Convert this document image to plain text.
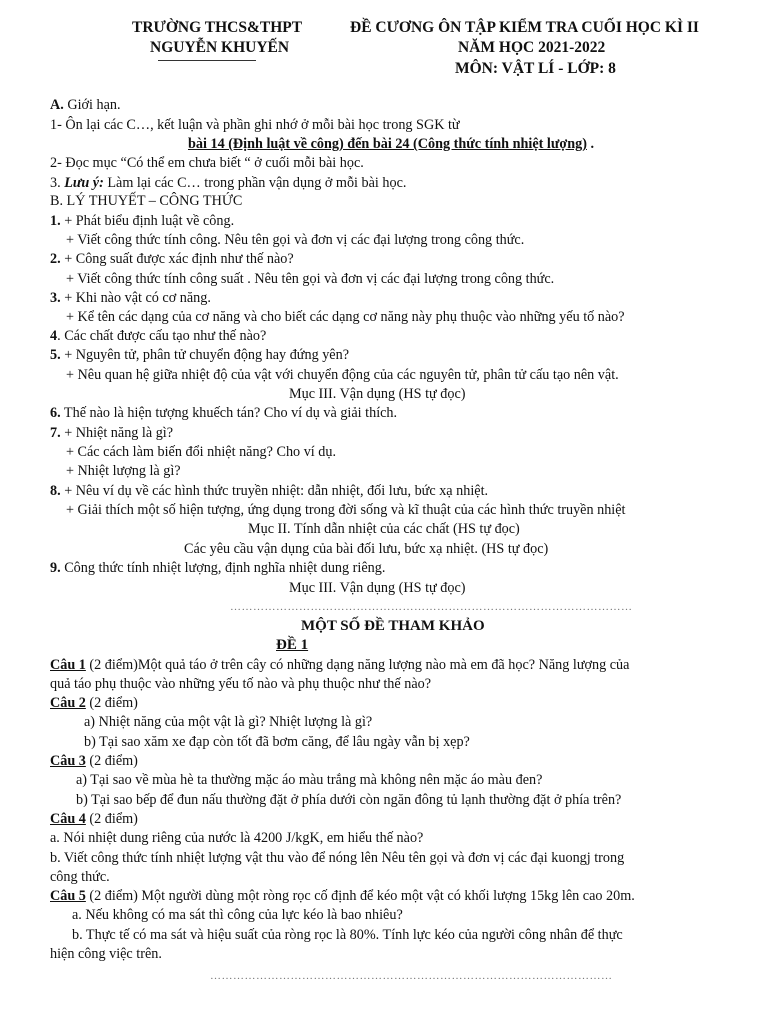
TRƯỜNG THCS&THPT
NGUYỄN KHUYẾN
ĐỀ CƯƠNG ÔN TẬP KIỂM TRA CUỐI HỌC KÌ II
NĂM HỌC 2021-2022
MÔN: VẬT LÍ - LỚP: 8
A. Giới hạn.
1- Ôn lại các C…, kết luận và phần ghi nhớ ở mỗi bài học trong SGK từ
bài 14 (Định luật về công) đến bài 24 (Công thức tính nhiệt lượng) .
2- Đọc mục “Có thể em chưa biết “ ở cuối mỗi bài học.
3. Lưu ý: Làm lại các C… trong phần vận dụng ở mỗi bài học.
B. LÝ THUYẾT – CÔNG THỨC
1. + Phát biểu định luật về công.
+ Viết công thức tính công. Nêu tên gọi và đơn vị các đại lượng trong công thức.
2. + Công suất được xác định như thế nào?
+ Viết công thức tính công suất . Nêu tên gọi và đơn vị các đại lượng trong công thức.
3. + Khi nào vật có cơ năng.
+ Kể tên các dạng của cơ năng và cho biết các dạng cơ năng này phụ thuộc vào những yếu tố nào?
4. Các chất được cấu tạo như thế nào?
5. + Nguyên tử, phân tử chuyển động hay đứng yên?
+ Nêu quan hệ giữa nhiệt độ của vật với chuyển động của các nguyên tử, phân tử cấu tạo nên vật.
Mục III. Vận dụng (HS tự đọc)
6. Thế nào là hiện tượng khuếch tán? Cho ví dụ và giải thích.
7. + Nhiệt năng là gì?
+ Các cách làm biến đổi nhiệt năng? Cho ví dụ.
+ Nhiệt lượng là gì?
8. + Nêu ví dụ về các hình thức truyền nhiệt: dẫn nhiệt, đối lưu, bức xạ nhiệt.
+ Giải thích một số hiện tượng, ứng dụng trong đời sống và kĩ thuật của các hình thức truyền nhiệt
Mục II. Tính dẫn nhiệt của các chất (HS tự đọc)
Các yêu cầu vận dụng của bài đối lưu, bức xạ nhiệt. (HS tự đọc)
9. Công thức tính nhiệt lượng, định nghĩa nhiệt dung riêng.
Mục III. Vận dụng (HS tự đọc)
……………………………………………………………………………………………
MỘT SỐ ĐỀ THAM KHẢO
ĐỀ 1
Câu 1 (2 điểm)Một quả táo ở trên cây có những dạng năng lượng nào mà em đã học? Năng lượng của
quả táo phụ thuộc vào những yếu tố nào và phụ thuộc như thế nào?
Câu 2 (2 điểm)
a) Nhiệt năng của một vật là gì? Nhiệt lượng là gì?
b) Tại sao xăm xe đạp còn tốt đã bơm căng, để lâu ngày vẫn bị xẹp?
Câu 3 (2 điểm)
a) Tại sao về mùa hè ta thường mặc áo màu trắng mà không nên mặc áo màu đen?
b) Tại sao bếp để đun nấu thường đặt ở phía dưới còn ngăn đông tủ lạnh thường đặt ở phía trên?
Câu 4 (2 điểm)
a. Nói nhiệt dung riêng của nước là 4200 J/kgK, em hiểu thế nào?
b. Viết công thức tính nhiệt lượng vật thu vào để nóng lên Nêu tên gọi và đơn vị các đại kuongj trong
công thức.
Câu 5 (2 điểm) Một người dùng một ròng rọc cố định để kéo một vật có khối lượng 15kg lên cao 20m.
a. Nếu không có ma sát thì công của lực kéo là bao nhiêu?
b. Thực tế có ma sát và hiệu suất của ròng rọc là 80%. Tính lực kéo của người công nhân để thực
hiện công việc trên.
……………………………………………………………………………………………
